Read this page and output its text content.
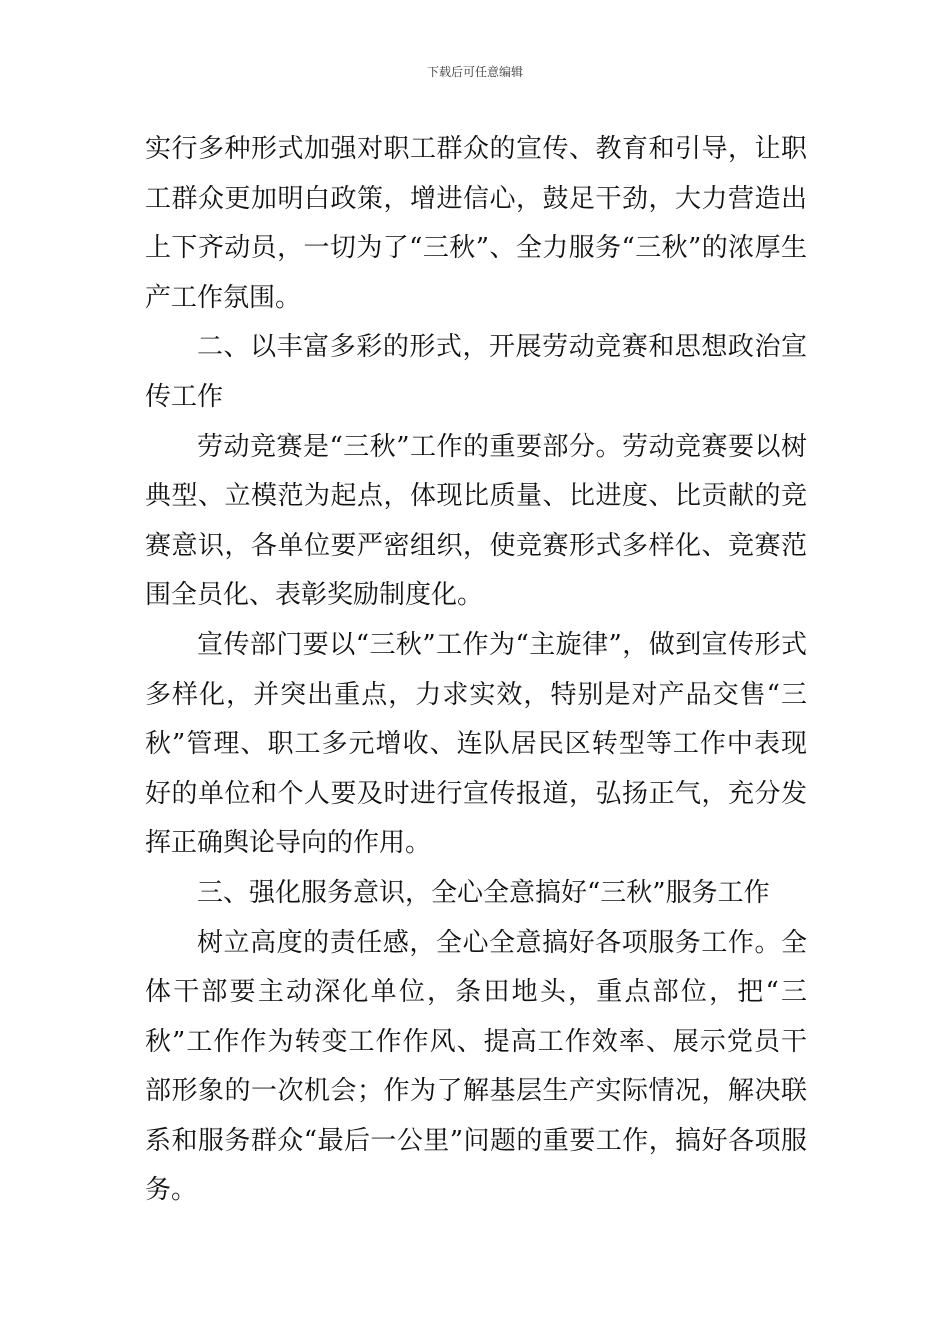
下载后可任意编辑

实行多种形式加强对职工群众的宣传、教育和引导，让职工群众更加明白政策，增进信心，鼓足干劲，大力营造出上下齐动员，一切为了“三秋”、全力服务“三秋”的浓厚生产工作氛围。

二、以丰富多彩的形式，开展劳动竞赛和思想政治宣传工作

劳动竞赛是“三秋”工作的重要部分。劳动竞赛要以树典型、立模范为起点，体现比质量、比进度、比贡献的竞赛意识，各单位要严密组织，使竞赛形式多样化、竞赛范围全员化、表彰奖励制度化。

宣传部门要以“三秋”工作为“主旋律”，做到宣传形式多样化，并突出重点，力求实效，特别是对产品交售“三秋”管理、职工多元增收、连队居民区转型等工作中表现好的单位和个人要及时进行宣传报道，弘扬正气，充分发挥正确舆论导向的作用。

三、强化服务意识，全心全意搞好“三秋”服务工作

树立高度的责任感，全心全意搞好各项服务工作。全体干部要主动深化单位，条田地头，重点部位，把“三秋”工作作为转变工作作风、提高工作效率、展示党员干部形象的一次机会；作为了解基层生产实际情况，解决联系和服务群众“最后一公里”问题的重要工作，搞好各项服务。
